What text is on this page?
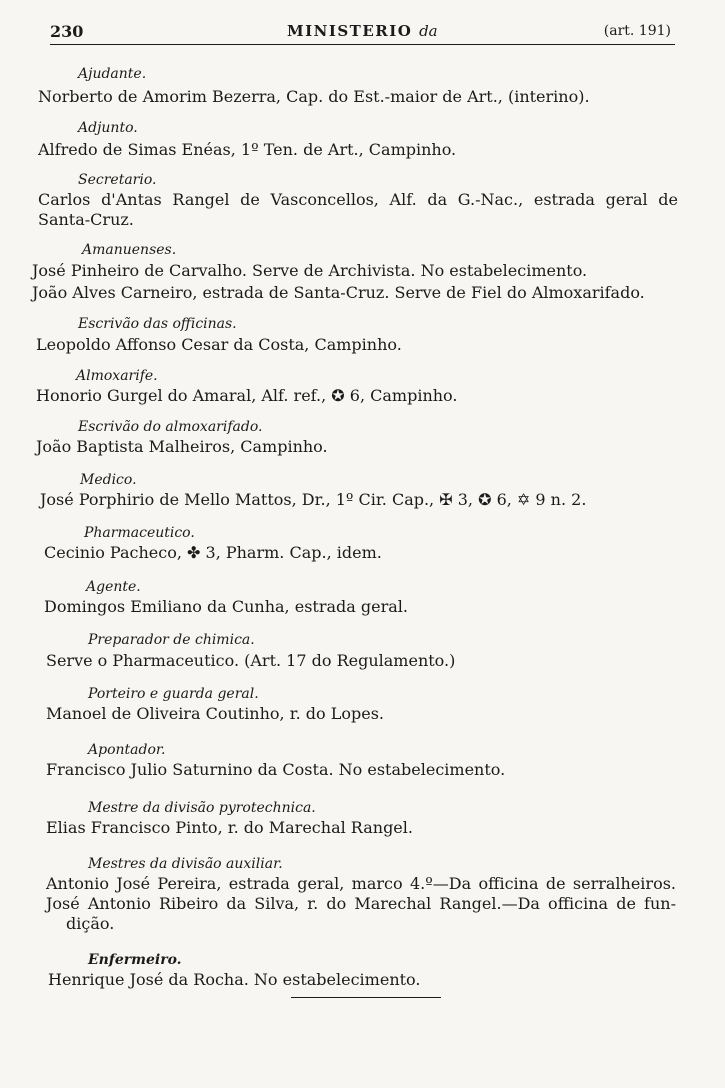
230	MINISTERIO da	(art. 191)
Ajudante.
Norberto de Amorim Bezerra, Cap. do Est.-maior de Art., (interino).
Adjunto.
Alfredo de Simas Enéas, 1º Ten. de Art., Campinho.
Secretario.
Carlos d'Antas Rangel de Vasconcellos, Alf. da G.-Nac., estrada geral de
Santa-Cruz.
Amanuenses.
José Pinheiro de Carvalho. Serve de Archivista. No estabelecimento.
João Alves Carneiro, estrada de Santa-Cruz. Serve de Fiel do Almoxarifado.
Escrivão das officinas.
Leopoldo Affonso Cesar da Costa, Campinho.
Almoxarife.
Honorio Gurgel do Amaral, Alf. ref., ✪ 6, Campinho.
Escrivão do almoxarifado.
João Baptista Malheiros, Campinho.
Medico.
José Porphirio de Mello Mattos, Dr., 1º Cir. Cap., ✠ 3, ✪ 6, ✡ 9 n. 2.
Pharmaceutico.
Cecinio Pacheco, ✤ 3, Pharm. Cap., idem.
Agente.
Domingos Emiliano da Cunha, estrada geral.
Preparador de chimica.
Serve o Pharmaceutico. (Art. 17 do Regulamento.)
Porteiro e guarda geral.
Manoel de Oliveira Coutinho, r. do Lopes.
Apontador.
Francisco Julio Saturnino da Costa. No estabelecimento.
Mestre da divisão pyrotechnica.
Elias Francisco Pinto, r. do Marechal Rangel.
Mestres da divisão auxiliar.
Antonio José Pereira, estrada geral, marco 4.º—Da officina de serralheiros.
José Antonio Ribeiro da Silva, r. do Marechal Rangel.—Da officina de fun-
dição.
Enfermeiro.
Henrique José da Rocha. No estabelecimento.
